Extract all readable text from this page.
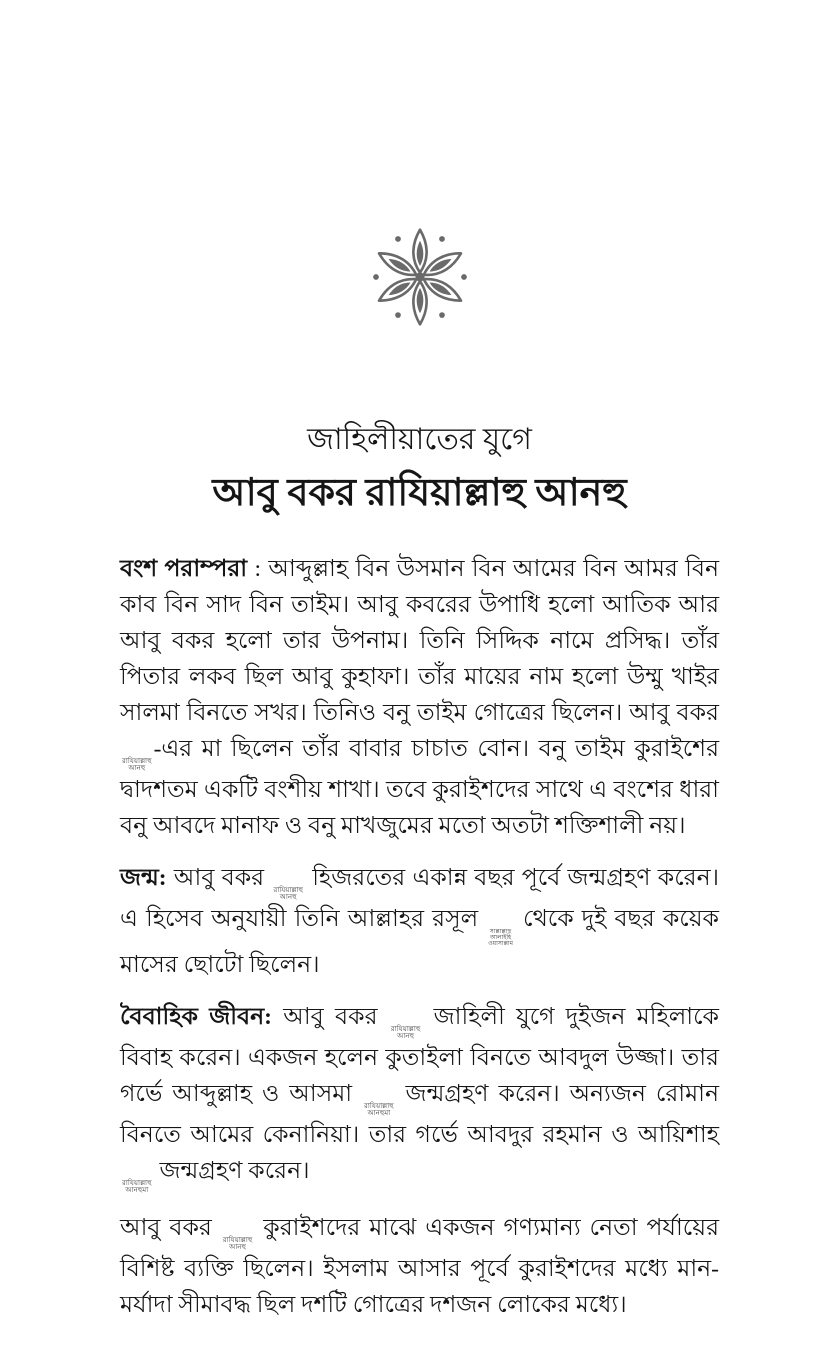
জাহিলীয়াতের যুগে
আবু বকর রাযিয়াল্লাহু আনহু

বংশ পরাম্পরা : আব্দুল্লাহ বিন উসমান বিন আমের বিন আমর বিন কাব বিন সাদ বিন তাইম। আবু কবরের উপাধি হলো আতিক আর আবু বকর হলো তার উপনাম। তিনি সিদ্দিক নামে প্রসিদ্ধ। তাঁর পিতার লকব ছিল আবু কুহাফা। তাঁর মায়ের নাম হলো উম্মু খাইর সালমা বিনতে সখর। তিনিও বনু তাইম গোত্রের ছিলেন। আবু বকর
রাযিয়াল্লাহু
আনহু
-এর মা ছিলেন তাঁর বাবার চাচাত বোন। বনু তাইম কুরাইশের দ্বাদশতম একটি বংশীয় শাখা। তবে কুরাইশদের সাথে এ বংশের ধারা বনু আবদে মানাফ ও বনু মাখজুমের মতো অতটা শক্তিশালী নয়।

জন্ম: আবু বকর রাযিয়াল্লাহু
আনহু
হিজরতের একান্ন বছর পূর্বে জন্মগ্রহণ করেন। এ হিসেব অনুযায়ী তিনি আল্লাহর রসূল সাল্লাল্লাহু
আলাইহি
ওয়াসাল্লাম
থেকে দুই বছর কয়েক মাসের ছোটো ছিলেন।

বৈবাহিক জীবন: আবু বকর রাযিয়াল্লাহু
আনহু
জাহিলী যুগে দুইজন মহিলাকে বিবাহ করেন। একজন হলেন কুতাইলা বিনতে আবদুল উজ্জা। তার গর্ভে আব্দুল্লাহ ও আসমা রাযিয়াল্লাহু
আনহুমা
জন্মগ্রহণ করেন। অন্যজন রোমান বিনতে আমের কেনানিয়া। তার গর্ভে আবদুর রহমান ও আয়িশাহ
রাযিয়াল্লাহু
আনহুমা
জন্মগ্রহণ করেন।

আবু বকর রাযিয়াল্লাহু
আনহু
কুরাইশদের মাঝে একজন গণ্যমান্য নেতা পর্যায়ের বিশিষ্ট ব্যক্তি ছিলেন। ইসলাম আসার পূর্বে কুরাইশদের মধ্যে মান-মর্যাদা সীমাবদ্ধ ছিল দশটি গোত্রের দশজন লোকের মধ্যে।
